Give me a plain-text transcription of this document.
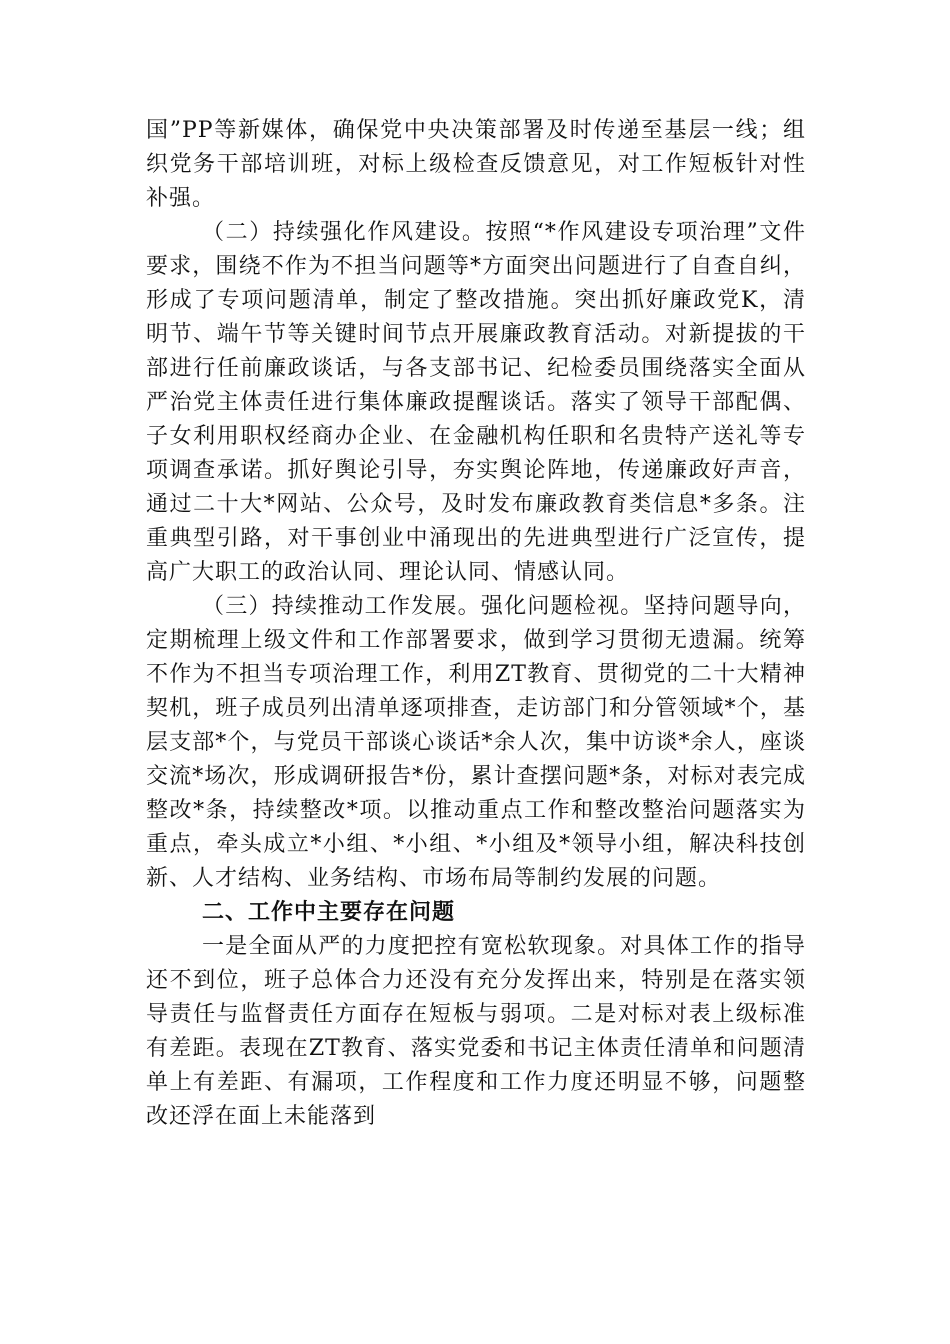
国”PP等新媒体，确保党中央决策部署及时传递至基层一线；组织党务干部培训班，对标上级检查反馈意见，对工作短板针对性补强。

（二）持续强化作风建设。按照“*作风建设专项治理”文件要求，围绕不作为不担当问题等*方面突出问题进行了自查自纠，形成了专项问题清单，制定了整改措施。突出抓好廉政党K，清明节、端午节等关键时间节点开展廉政教育活动。对新提拔的干部进行任前廉政谈话，与各支部书记、纪检委员围绕落实全面从严治党主体责任进行集体廉政提醒谈话。落实了领导干部配偶、子女利用职权经商办企业、在金融机构任职和名贵特产送礼等专项调查承诺。抓好舆论引导，夯实舆论阵地，传递廉政好声音，通过二十大*网站、公众号，及时发布廉政教育类信息*多条。注重典型引路，对干事创业中涌现出的先进典型进行广泛宣传，提高广大职工的政治认同、理论认同、情感认同。

（三）持续推动工作发展。强化问题检视。坚持问题导向，定期梳理上级文件和工作部署要求，做到学习贯彻无遗漏。统筹不作为不担当专项治理工作，利用ZT教育、贯彻党的二十大精神契机，班子成员列出清单逐项排查，走访部门和分管领域*个，基层支部*个，与党员干部谈心谈话*余人次，集中访谈*余人，座谈交流*场次，形成调研报告*份，累计查摆问题*条，对标对表完成整改*条，持续整改*项。以推动重点工作和整改整治问题落实为重点，牵头成立*小组、*小组、*小组及*领导小组，解决科技创新、人才结构、业务结构、市场布局等制约发展的问题。

二、工作中主要存在问题

一是全面从严的力度把控有宽松软现象。对具体工作的指导还不到位，班子总体合力还没有充分发挥出来，特别是在落实领导责任与监督责任方面存在短板与弱项。二是对标对表上级标准有差距。表现在ZT教育、落实党委和书记主体责任清单和问题清单上有差距、有漏项，工作程度和工作力度还明显不够，问题整改还浮在面上未能落到
